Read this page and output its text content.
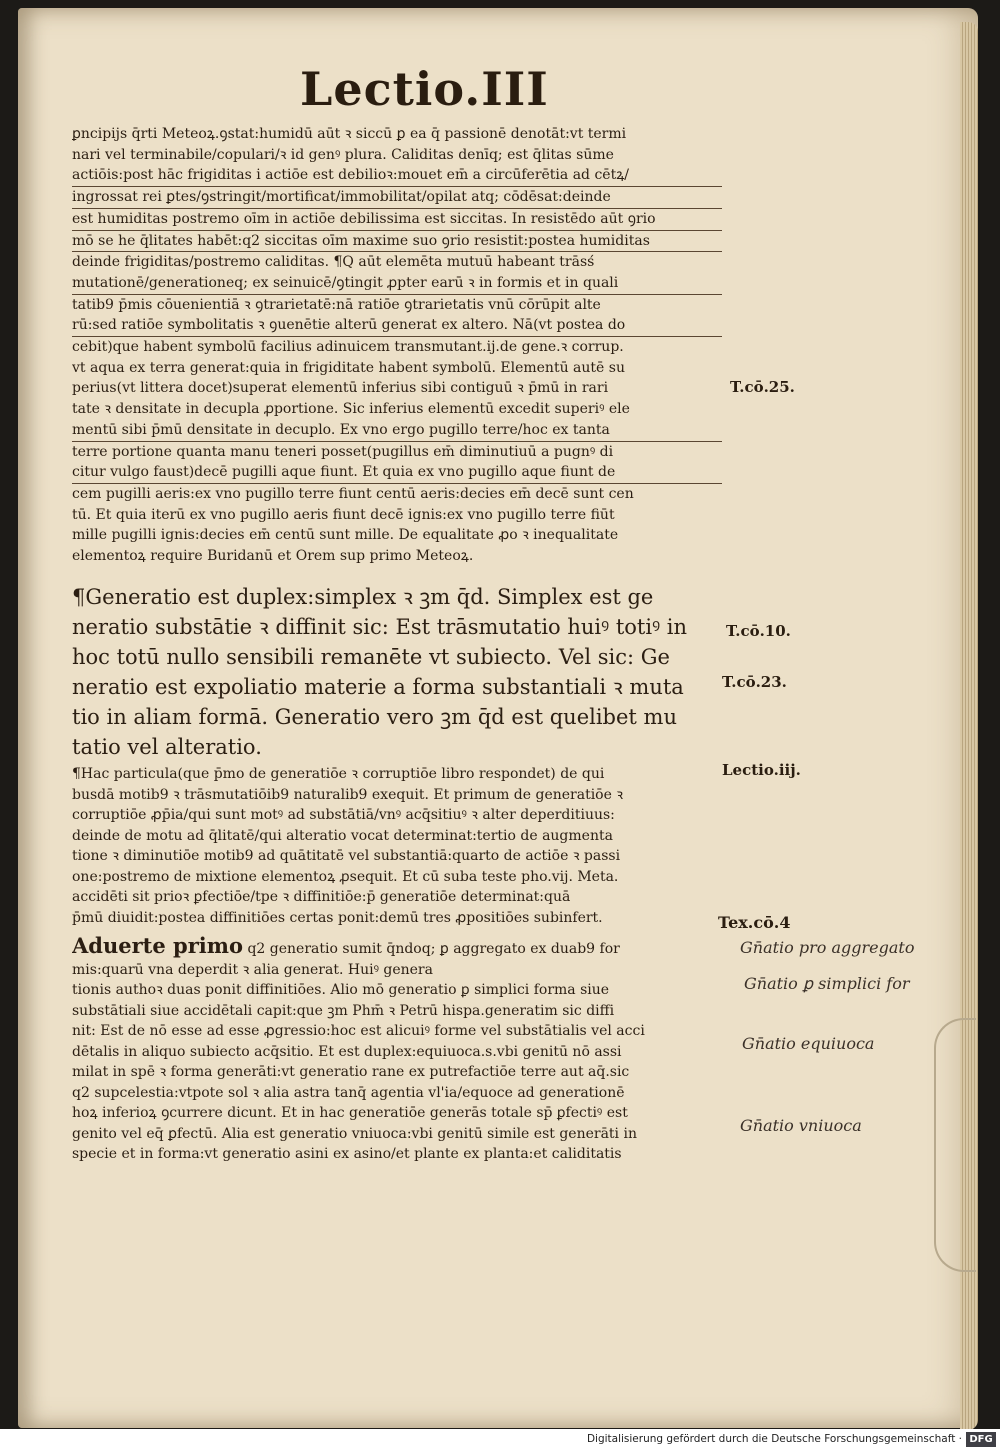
Lectio.III

ꝑncipijs q̄rti Meteoꝝ.ꝯstat:humidū aūt ꝛ siccū ꝑ ea q̄ passionē denotāt:vt termi

nari vel terminabile/copulari/ꝛ id genꝰ plura. Caliditas denīq; est q̄litas sūme

actiōis:post hāc frigiditas i actiōe est debilioꝛ:mouet em̄ a circūferētia ad cētꝝ/

ingrossat rei ꝑtes/ꝯstringit/mortificat/immobilitat/opilat atq; cōdēsat:deinde

est humiditas postremo oīm in actiōe debilissima est siccitas. In resistēdo aūt ꝯrio

mō se he q̄litates habēt:q2 siccitas oīm maxime suo ꝯrio resistit:postea humiditas

deinde frigiditas/postremo caliditas. ¶Q aūt elemēta mutuū habeant trāsś

mutationē/generationeq; ex seinuicē/ꝯtingit ꝓpter earū ꝛ in formis et in quali

tatib9 p̄mis cōuenientiā ꝛ ꝯtrarietatē:nā ratiōe ꝯtrarietatis vnū cōrūpit alte

rū:sed ratiōe symbolitatis ꝛ ꝯuenētie alterū generat ex altero. Nā(vt postea do

cebit)que habent symbolū facilius adinuicem transmutant.ij.de gene.ꝛ corrup.

vt aqua ex terra generat:quia in frigiditate habent symbolū. Elementū autē su

perius(vt littera docet)superat elementū inferius sibi contiguū ꝛ p̄mū in rari

tate ꝛ densitate in decupla ꝓportione. Sic inferius elementū excedit superiꝰ ele

mentū sibi p̄mū densitate in decuplo. Ex vno ergo pugillo terre/hoc ex tanta

terre portione quanta manu teneri posset(pugillus em̄ diminutiuū a pugnꝰ di

citur vulgo faust)decē pugilli aque fiunt. Et quia ex vno pugillo aque fiunt de

cem pugilli aeris:ex vno pugillo terre fiunt centū aeris:decies em̄ decē sunt cen

tū. Et quia iterū ex vno pugillo aeris fiunt decē ignis:ex vno pugillo terre fiūt

mille pugilli ignis:decies em̄ centū sunt mille. De equalitate ꝓo ꝛ inequalitate

elementoꝝ require Buridanū et Orem sup primo Meteoꝝ.

¶Generatio est duplex:simplex ꝛ ꝫm q̄d. Simplex est ge

neratio substātie ꝛ diffinit sic: Est trāsmutatio huiꝰ totiꝰ in

hoc totū nullo sensibili remanēte vt subiecto. Vel sic: Ge

neratio est expoliatio materie a forma substantiali ꝛ muta

tio in aliam formā. Generatio vero ꝫm q̄d est quelibet mu

tatio vel alteratio.

¶Hac particula(que p̄mo de generatiōe ꝛ corruptiōe libro respondet) de qui

busdā motib9 ꝛ trāsmutatiōib9 naturalib9 exequit. Et primum de generatiōe ꝛ

corruptiōe ꝓp̄ia/qui sunt motꝰ ad substātiā/vnꝰ acq̄sitiuꝰ ꝛ alter deperditiuus:

deinde de motu ad q̄litatē/qui alteratio vocat determinat:tertio de augmenta

tione ꝛ diminutiōe motib9 ad quātitatē vel substantiā:quarto de actiōe ꝛ passi

one:postremo de mixtione elementoꝝ ꝓsequit. Et cū suba teste pho.vij. Meta.

accidēti sit prioꝛ ꝑfectiōe/tpe ꝛ diffinitiōe:p̄ generatiōe determinat:quā

p̄mū diuidit:postea diffinitiōes certas ponit:demū tres ꝓpositiōes subinfert.

Aduerte primo q2 generatio sumit q̄ndoq; ꝑ aggregato ex duab9 for

mis:quarū vna deperdit ꝛ alia generat. Huiꝰ genera

tionis authoꝛ duas ponit diffinitiōes. Alio mō generatio ꝑ simplici forma siue

substātiali siue accidētali capit:que ꝫm Phm̄ ꝛ Petrū hispa.generatim sic diffi

nit: Est de nō esse ad esse ꝓgressio:hoc est alicuiꝰ forme vel substātialis vel acci

dētalis in aliquo subiecto acq̄sitio. Et est duplex:equiuoca.s.vbi genitū nō assi

milat in spē ꝛ forma generāti:vt generatio rane ex putrefactiōe terre aut aq̄.sic

q2 supcelestia:vtpote sol ꝛ alia astra tanq̄ agentia vl'ia/equoce ad generationē

hoꝝ inferioꝝ ꝯcurrere dicunt. Et in hac generatiōe generās totale sp̄ ꝑfectiꝰ est

genito vel eq̄ ꝑfectū. Alia est generatio vniuoca:vbi genitū simile est generāti in

specie et in forma:vt generatio asini ex asino/et plante ex planta:et caliditatis

T.cō.25.
T.cō.10.
T.cō.23.
Lectio.iij.
Tex.cō.4
Gn̄atio pro aggregato
Gn̄atio ꝑ simplici for
Gn̄atio equiuoca
Gn̄atio vniuoca
Digitalisierung gefördert durch die Deutsche Forschungsgemeinschaft · DFG
